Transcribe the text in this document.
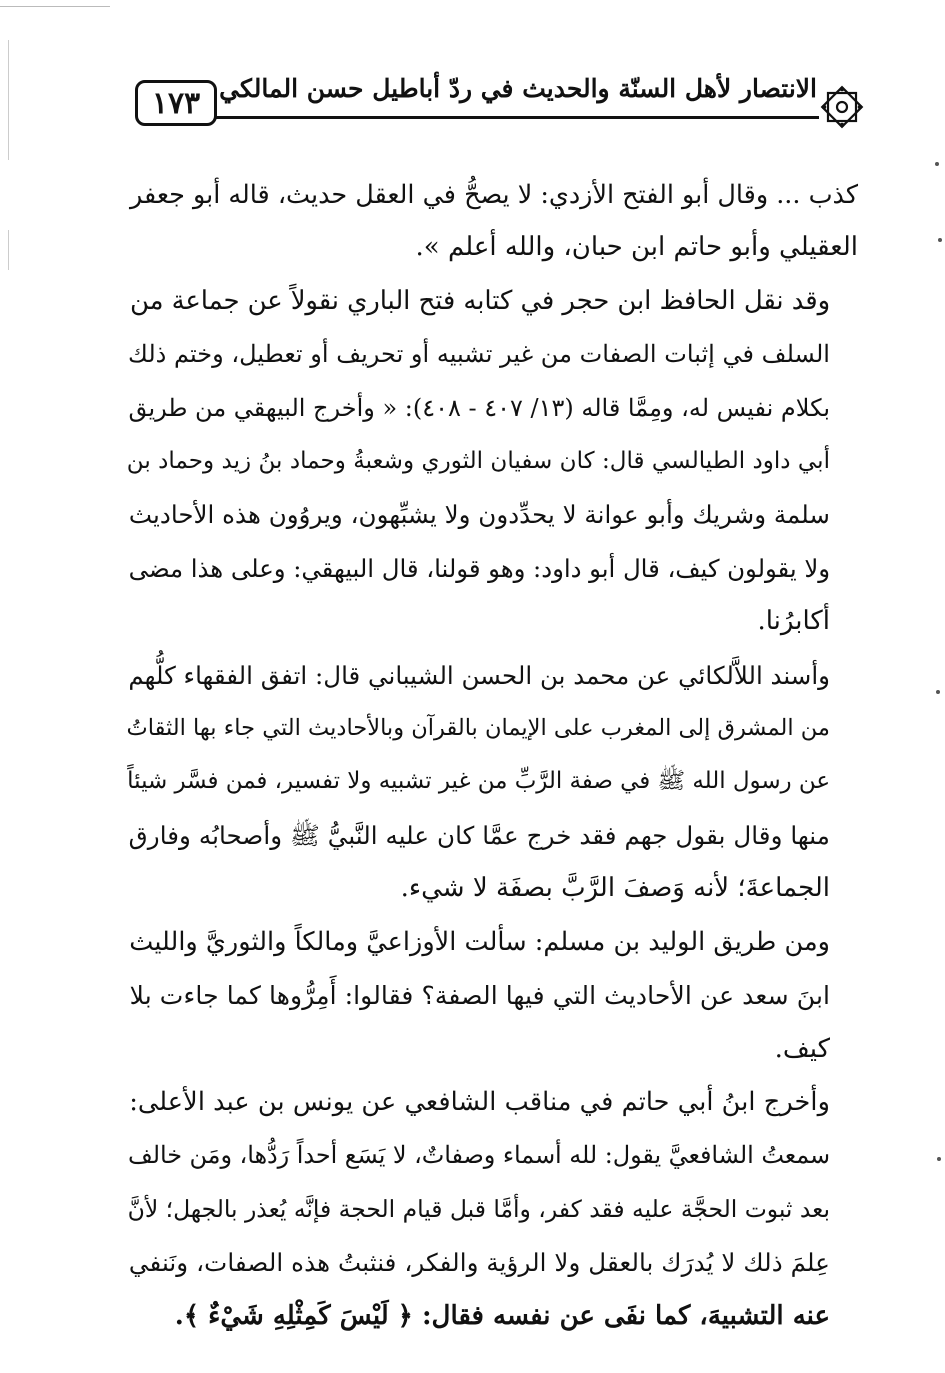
١٧٣ الانتصار لأهل السنّة والحديث في ردّ أباطيل حسن المالكي

كذب ... وقال أبو الفتح الأزدي: لا يصحُّ في العقل حديث، قاله أبو جعفر
العقيلي وأبو حاتم ابن حبان، والله أعلم ».

وقد نقل الحافظ ابن حجر في كتابه فتح الباري نقولاً عن جماعة من
السلف في إثبات الصفات من غير تشبيه أو تحريف أو تعطيل، وختم ذلك
بكلام نفيس له، ومِمَّا قاله (١٣/ ٤٠٧ - ٤٠٨): « وأخرج البيهقي من طريق
أبي داود الطيالسي قال: كان سفيان الثوري وشعبةُ وحماد بنُ زيد وحماد بن
سلمة وشريك وأبو عوانة لا يحدِّدون ولا يشبِّهون، ويروُون هذه الأحاديث
ولا يقولون كيف، قال أبو داود: وهو قولنا، قال البيهقي: وعلى هذا مضى
أكابرُنا.

وأسند اللاَّلكائي عن محمد بن الحسن الشيباني قال: اتفق الفقهاء كلُّهم
من المشرق إلى المغرب على الإيمان بالقرآن وبالأحاديث التي جاء بها الثقاتُ
عن رسول الله ﷺ في صفة الرَّبِّ من غير تشبيه ولا تفسير، فمن فسَّر شيئاً
منها وقال بقول جهم فقد خرج عمَّا كان عليه النَّبيُّ ﷺ وأصحابُه وفارق
الجماعةَ؛ لأنه وَصفَ الرَّبَّ بصفَة لا شيء.

ومن طريق الوليد بن مسلم: سألت الأوزاعيَّ ومالكاً والثوريَّ والليث
ابنَ سعد عن الأحاديث التي فيها الصفة؟ فقالوا: أَمِرُّوها كما جاءت بلا
كيف.

وأخرج ابنُ أبي حاتم في مناقب الشافعي عن يونس بن عبد الأعلى:
سمعتُ الشافعيَّ يقول: لله أسماء وصفاتٌ، لا يَسَع أحداً رَدُّها، ومَن خالف
بعد ثبوت الحجَّة عليه فقد كفر، وأمَّا قبل قيام الحجة فإنَّه يُعذر بالجهل؛ لأنَّ
عِلمَ ذلك لا يُدرَك بالعقل ولا الرؤية والفكر، فنثبتُ هذه الصفات، ونَنفي
عنه التشبيهَ، كما نفَى عن نفسه فقال: ﴿ لَيْسَ كَمِثْلِهِ شَيْءٌ ﴾.
